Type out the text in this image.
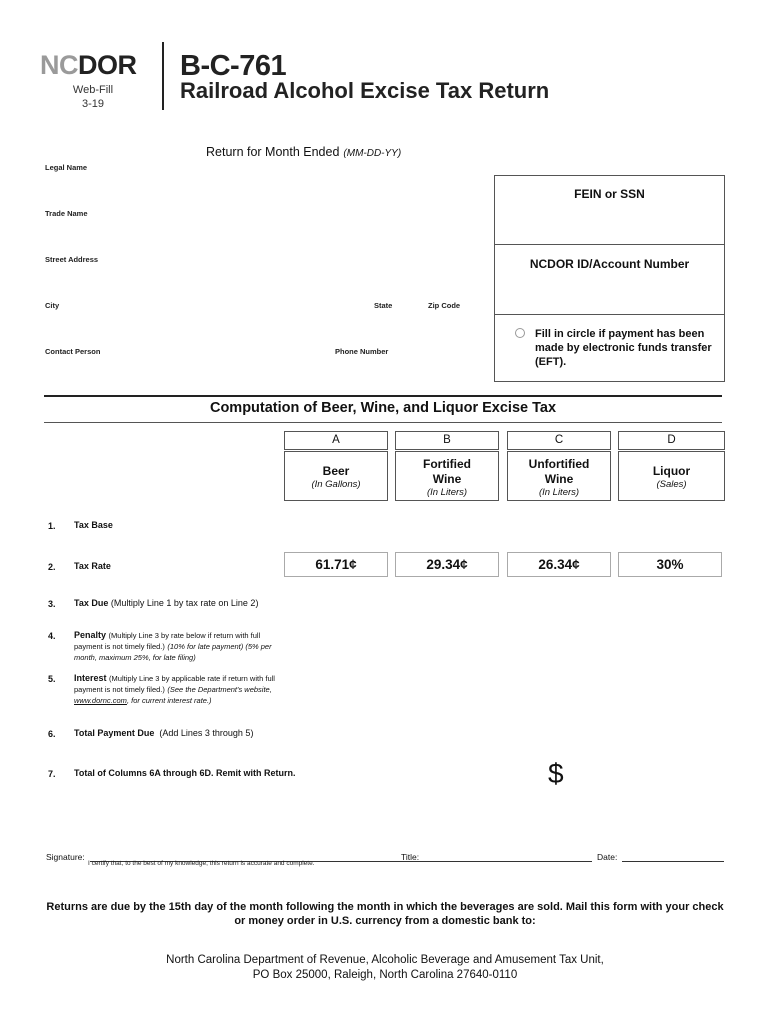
NCDOR
Web-Fill
3-19
B-C-761
Railroad Alcohol Excise Tax Return
Return for Month Ended (MM-DD-YY)
Legal Name
Trade Name
Street Address
City	State	Zip Code
Contact Person	Phone Number
FEIN or SSN
NCDOR ID/Account Number
Fill in circle if payment has been made by electronic funds transfer (EFT).
Computation of Beer, Wine, and Liquor Excise Tax
A
Beer
(In Gallons)
B
Fortified
Wine
(In Liters)
C
Unfortified
Wine
(In Liters)
D
Liquor
(Sales)
1. Tax Base
2. Tax Rate	61.71¢	29.34¢	26.34¢	30%
3. Tax Due (Multiply Line 1 by tax rate on Line 2)
4. Penalty (Multiply Line 3 by rate below if return with full payment is not timely filed.) (10% for late payment) (5% per month, maximum 25%, for late filing)
5. Interest (Multiply Line 3 by applicable rate if return with full payment is not timely filed.) (See the Department's website, www.dornc.com, for current interest rate.)
6. Total Payment Due (Add Lines 3 through 5)
7. Total of Columns 6A through 6D. Remit with Return.	$
Signature:	Title:	Date:
I certify that, to the best of my knowledge, this return is accurate and complete.
Returns are due by the 15th day of the month following the month in which the beverages are sold. Mail this form with your check or money order in U.S. currency from a domestic bank to:
North Carolina Department of Revenue, Alcoholic Beverage and Amusement Tax Unit,
PO Box 25000, Raleigh, North Carolina 27640-0110
